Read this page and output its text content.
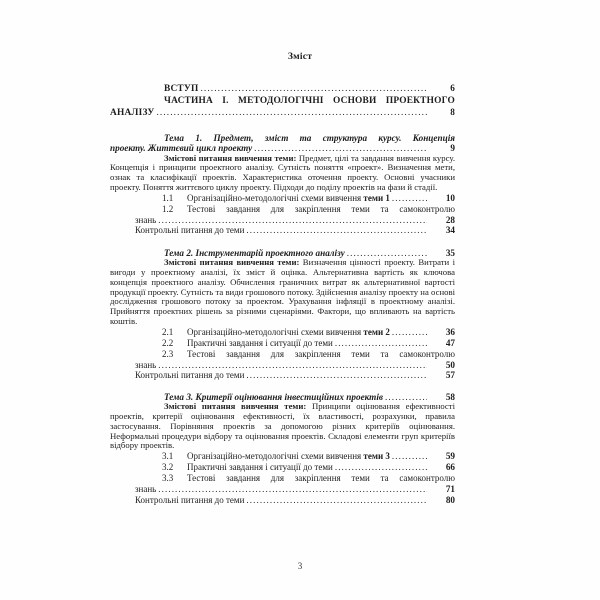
Зміст
ВСТУП .....	6
ЧАСТИНА І. МЕТОДОЛОГІЧНІ ОСНОВИ ПРОЕКТНОГО
АНАЛІЗУ .....	8
Тема 1. Предмет, зміст та структура курсу. Концепція
проекту. Життєвий цикл проекту .....	9
Змістові питання вивчення теми: Предмет, цілі та завдання вивчення курсу. Концепція і принципи проектного аналізу. Сутність поняття «проект». Визначення мети, ознак та класифікації проектів. Характеристика оточення проекту. Основні учасники проекту. Поняття життєвого циклу проекту. Підходи до поділу проектів на фази й стадії.
1.1	Організаційно-методологічні схеми вивчення теми 1 .....	10
1.2	Тестові завдання для закріплення теми та самоконтролю
знань .....	28
Контрольні питання до теми .....	34
Тема 2. Інструментарій проектного аналізу .....	35
Змістові питання вивчення теми: Визначення цінності проекту. Витрати і вигоди у проектному аналізі, їх зміст й оцінка. Альтернативна вартість як ключова концепція проектного аналізу. Обчислення граничних витрат як альтернативної вартості продукції проекту. Сутність та види грошового потоку. Здійснення аналізу проекту на основі дослідження грошового потоку за проектом. Урахування інфляції в проектному аналізі. Прийняття проектних рішень за різними сценаріями. Фактори, що впливають на вартість коштів.
2.1	Організаційно-методологічні схеми вивчення теми 2 .....	36
2.2	Практичні завдання і ситуації до теми .....	47
2.3	Тестові завдання для закріплення теми та самоконтролю
знань .....	50
Контрольні питання до теми .....	57
Тема 3. Критерії оцінювання інвестиційних проектів .....	58
Змістові питання вивчення теми: Принципи оцінювання ефективності проектів, критерії оцінювання ефективності, їх властивості, розрахунки, правила застосування. Порівняння проектів за допомогою різних критеріїв оцінювання. Неформальні процедури відбору та оцінювання проектів. Складові елементи груп критеріїв відбору проектів.
3.1	Організаційно-методологічні схеми вивчення теми 3 .....	59
3.2	Практичні завдання і ситуації до теми .....	66
3.3	Тестові завдання для закріплення теми та самоконтролю
знань .....	71
Контрольні питання до теми .....	80
3
